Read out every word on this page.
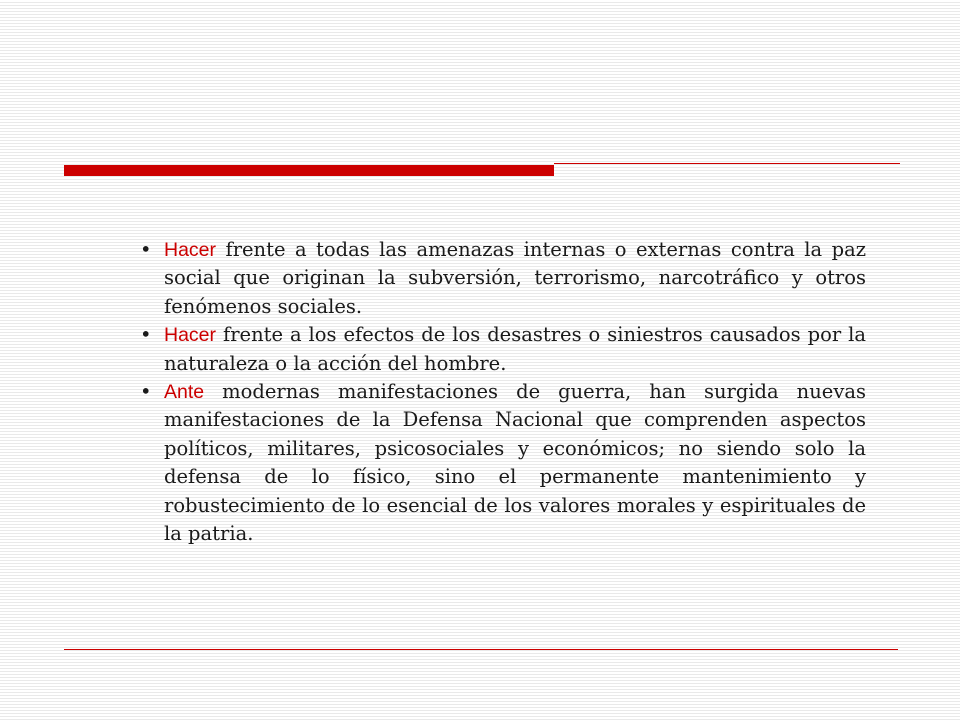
• Hacer frente a todas las amenazas internas o externas contra la paz social que originan la subversión, terrorismo, narcotráfico y otros fenómenos sociales.
• Hacer frente a los efectos de los desastres o siniestros causados por la naturaleza o la acción del hombre.
• Ante modernas manifestaciones de guerra, han surgida nuevas manifestaciones de la Defensa Nacional que comprenden aspectos políticos, militares, psicosociales y económicos; no siendo solo la defensa de lo físico, sino el permanente mantenimiento y robustecimiento de lo esencial de los valores morales y espirituales de la patria.
